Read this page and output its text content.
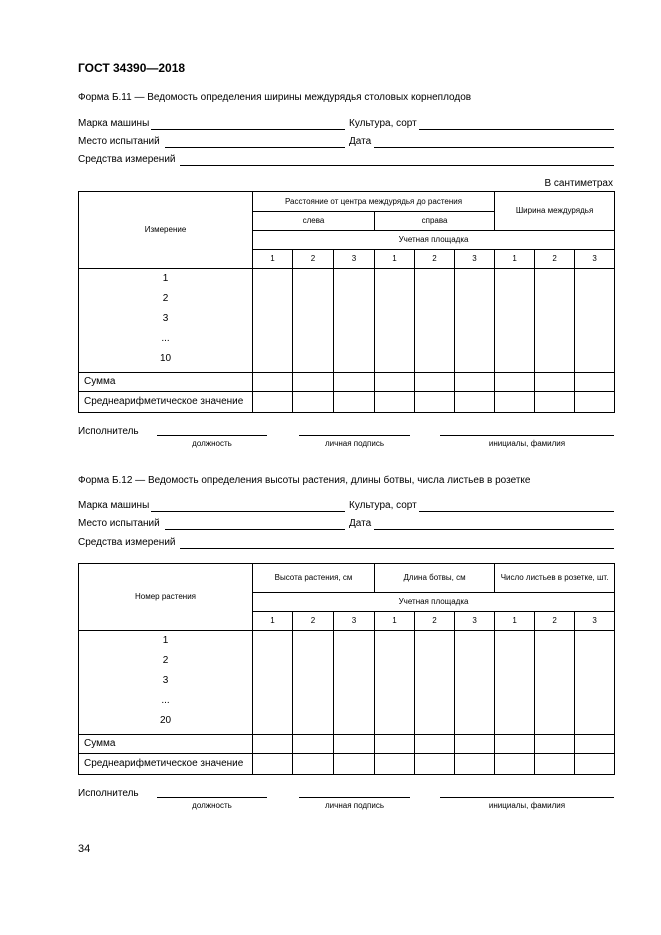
ГОСТ 34390—2018
Форма Б.11 — Ведомость определения ширины междурядья столовых корнеплодов
Марка машины	Культура, сорт
Место испытаний	Дата
Средства измерений
В сантиметрах
Измерение	Расстояние от центра междурядья до растения						Ширина междурядья		
	слева			справа					
	Учетная площадка								
	1	2	3	1	2	3	1	2	3

1
2
3
...
10									

Сумма									
Среднеарифметическое значение									
Исполнитель
должность	личная подпись	инициалы, фамилия
Форма Б.12 — Ведомость определения высоты растения, длины ботвы, числа листьев в розетке
Марка машины	Культура, сорт
Место испытаний	Дата
Средства измерений
Номер растения	Высота растения, см			Длина ботвы, см			Число листьев в розетке, шт.		
	Учетная площадка								
	1	2	3	1	2	3	1	2	3

1
2
3
...
20									

Сумма									
Среднеарифметическое значение									
Исполнитель
должность	личная подпись	инициалы, фамилия
34
